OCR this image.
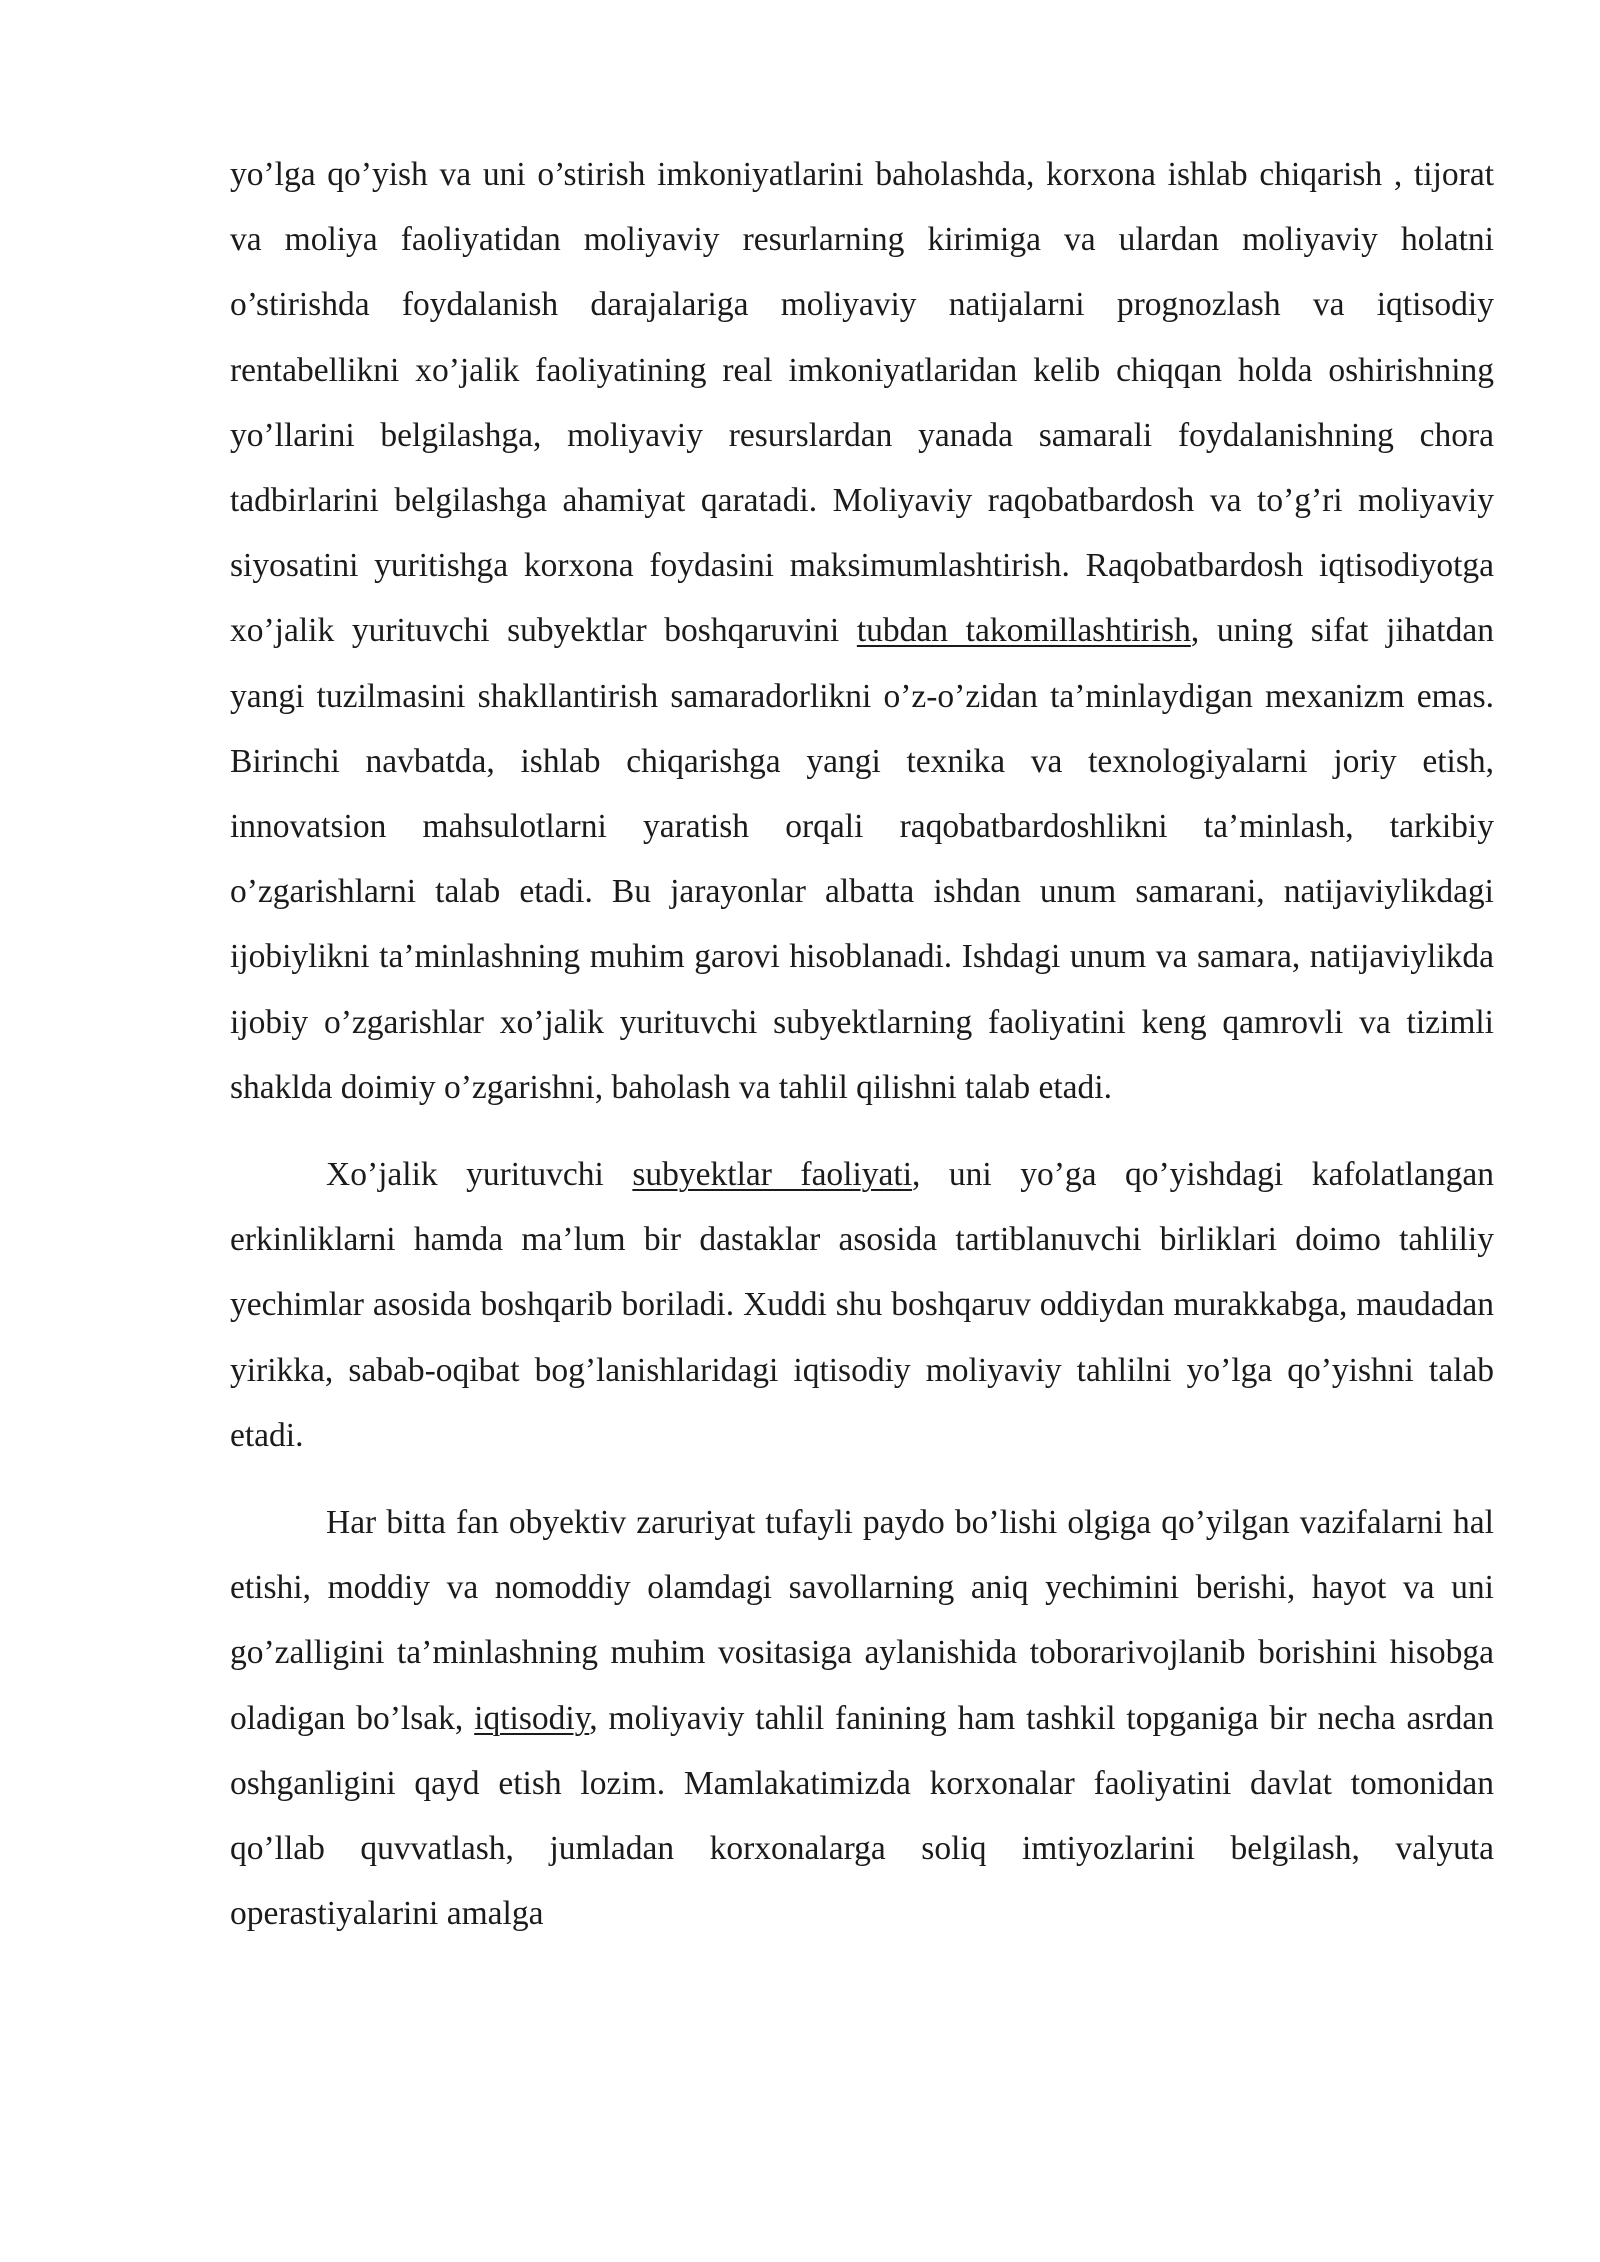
yo’lga qo’yish va uni o’stirish imkoniyatlarini baholashda, korxona ishlab chiqarish , tijorat va moliya faoliyatidan moliyaviy resurlarning kirimiga va ulardan moliyaviy holatni o’stirishda foydalanish darajalariga moliyaviy natijalarni prognozlash va iqtisodiy rentabellikni xo’jalik faoliyatining real imkoniyatlaridan kelib chiqqan holda oshirishning yo’llarini belgilashga, moliyaviy resurslardan yanada samarali foydalanishning chora tadbirlarini belgilashga ahamiyat qaratadi. Moliyaviy raqobatbardosh va to’g’ri moliyaviy siyosatini yuritishga korxona foydasini maksimumlashtirish. Raqobatbardosh iqtisodiyotga xo’jalik yurituvchi subyektlar boshqaruvini tubdan takomillashtirish, uning sifat jihatdan yangi tuzilmasini shakllantirish samaradorlikni o’z-o’zidan ta’minlaydigan mexanizm emas. Birinchi navbatda, ishlab chiqarishga yangi texnika va texnologiyalarni joriy etish, innovatsion mahsulotlarni yaratish orqali raqobatbardoshlikni ta’minlash, tarkibiy o’zgarishlarni talab etadi. Bu jarayonlar albatta ishdan unum samarani, natijaviylikdagi ijobiylikni ta’minlashning muhim garovi hisoblanadi. Ishdagi unum va samara, natijaviylikda ijobiy o’zgarishlar xo’jalik yurituvchi subyektlarning faoliyatini keng qamrovli va tizimli shaklda doimiy o’zgarishni, baholash va tahlil qilishni talab etadi.

Xo’jalik yurituvchi subyektlar faoliyati, uni yo’ga qo’yishdagi kafolatlangan erkinliklarni hamda ma’lum bir dastaklar asosida tartiblanuvchi birliklari doimo tahliliy yechimlar asosida boshqarib boriladi. Xuddi shu boshqaruv oddiydan murakkabga, maudadan yirikka, sabab-oqibat bog’lanishlaridagi iqtisodiy moliyaviy tahlilni yo’lga qo’yishni talab etadi.

Har bitta fan obyektiv zaruriyat tufayli paydo bo’lishi olgiga qo’yilgan vazifalarni hal etishi, moddiy va nomoddiy olamdagi savollarning aniq yechimini berishi, hayot va uni go’zalligini ta’minlashning muhim vositasiga aylanishida toborarivojlanib borishini hisobga oladigan bo’lsak, iqtisodiy, moliyaviy tahlil fanining ham tashkil topganiga bir necha asrdan oshganligini qayd etish lozim. Mamlakatimizda korxonalar faoliyatini davlat tomonidan qo’llab quvvatlash, jumladan korxonalarga soliq imtiyozlarini belgilash, valyuta operastiyalarini amalga
